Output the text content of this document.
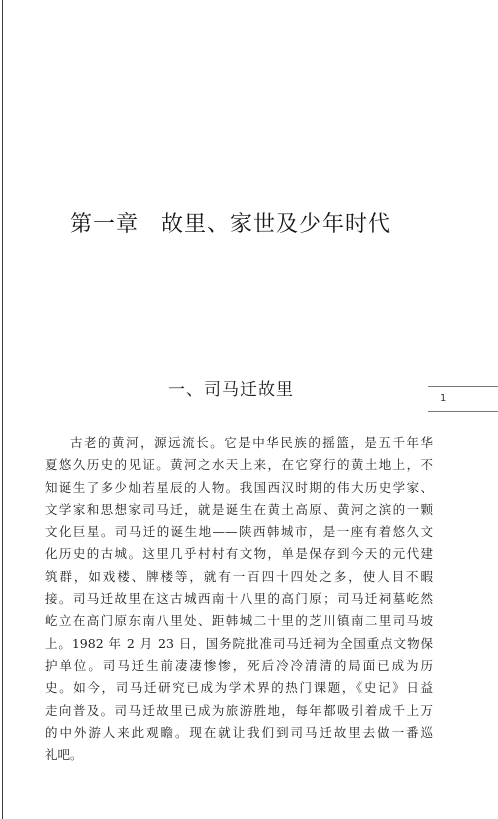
第一章 故里、家世及少年时代
一、司马迁故里	1
古老的黄河，源远流长。它是中华民族的摇篮，是五千年华
夏悠久历史的见证。黄河之水天上来，在它穿行的黄土地上，不
知诞生了多少灿若星辰的人物。我国西汉时期的伟大历史学家、
文学家和思想家司马迁，就是诞生在黄土高原、黄河之滨的一颗
文化巨星。司马迁的诞生地——陕西韩城市，是一座有着悠久文
化历史的古城。这里几乎村村有文物，单是保存到今天的元代建
筑群，如戏楼、牌楼等，就有一百四十四处之多，使人目不暇
接。司马迁故里在这古城西南十八里的高门原；司马迁祠墓屹然
屹立在高门原东南八里处、距韩城二十里的芝川镇南二里司马坡
上。1982 年 2 月 23 日，国务院批准司马迁祠为全国重点文物保
护单位。司马迁生前凄凄惨惨，死后冷冷清清的局面已成为历
史。如今，司马迁研究已成为学术界的热门课题，《史记》日益
走向普及。司马迁故里已成为旅游胜地，每年都吸引着成千上万
的中外游人来此观瞻。现在就让我们到司马迁故里去做一番巡
礼吧。
